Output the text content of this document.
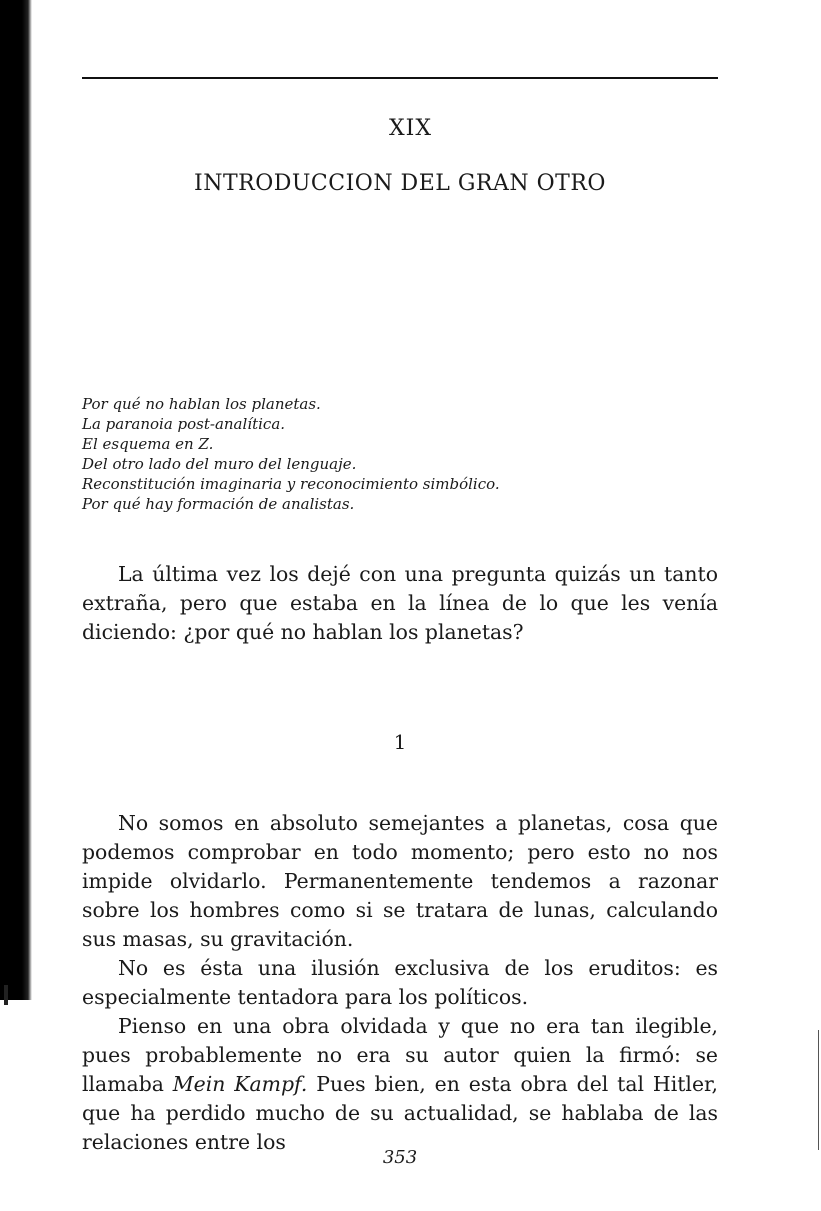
XIX
INTRODUCCION DEL GRAN OTRO
Por qué no hablan los planetas.
La paranoia post-analítica.
El esquema en Z.
Del otro lado del muro del lenguaje.
Reconstitución imaginaria y reconocimiento simbólico.
Por qué hay formación de analistas.

La última vez los dejé con una pregunta quizás un tanto extraña, pero que estaba en la línea de lo que les venía diciendo: ¿por qué no hablan los planetas?

1

No somos en absoluto semejantes a planetas, cosa que podemos comprobar en todo momento; pero esto no nos impide olvidarlo. Permanentemente tendemos a razonar sobre los hombres como si se tratara de lunas, calculando sus masas, su gravitación.

No es ésta una ilusión exclusiva de los eruditos: es especialmente tentadora para los políticos.

Pienso en una obra olvidada y que no era tan ilegible, pues probablemente no era su autor quien la firmó: se llamaba Mein Kampf. Pues bien, en esta obra del tal Hitler, que ha perdido mucho de su actualidad, se hablaba de las relaciones entre los

353
